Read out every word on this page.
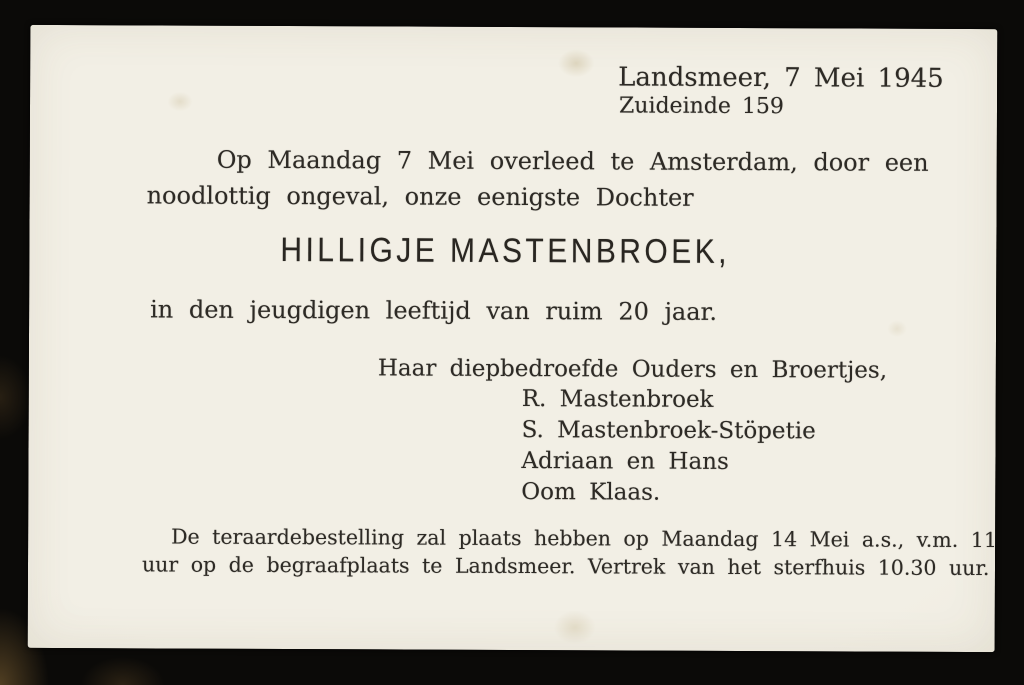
Landsmeer, 7 Mei 1945
Zuideinde 159
Op Maandag 7 Mei overleed te Amsterdam, door een
noodlottig ongeval, onze eenigste Dochter
HILLIGJE MASTENBROEK,
in den jeugdigen leeftijd van ruim 20 jaar.
Haar diepbedroefde Ouders en Broertjes,
R. Mastenbroek
S. Mastenbroek-Stöpetie
Adriaan en Hans
Oom Klaas.
De teraardebestelling zal plaats hebben op Maandag 14 Mei a.s., v.m. 11
uur op de begraafplaats te Landsmeer. Vertrek van het sterfhuis 10.30 uur.
